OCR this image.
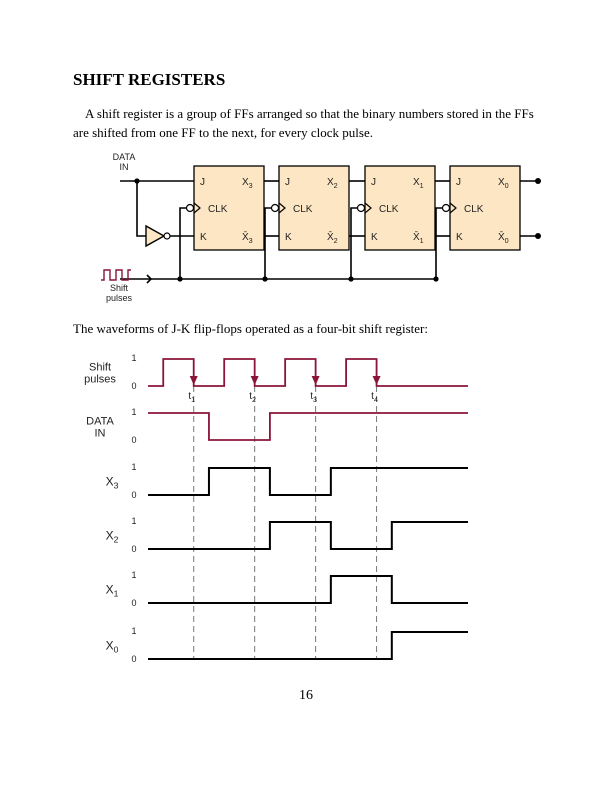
SHIFT REGISTERS
A shift register is a group of FFs arranged so that the binary numbers stored in the FFs are shifted from one FF to the next, for every clock pulse.
The waveforms of J-K flip-flops operated as a four-bit shift register:
16
DATA
IN
Shift
pulses
J
CLK
K
$X_3$
$X̄_3$
J
CLK
K
$X_2$
$X̄_2$
J
CLK
K
$X_1$
$X̄_1$
J
CLK
K
$X_0$
$X̄_0$
$t_1$	$t_2$	$t_3$	$t_4$
1
0
Shift
pulses
1
0
DATA
IN
1
0
$X_3$
1
0
$X_2$
1
0
$X_1$
1
0
$X_0$
